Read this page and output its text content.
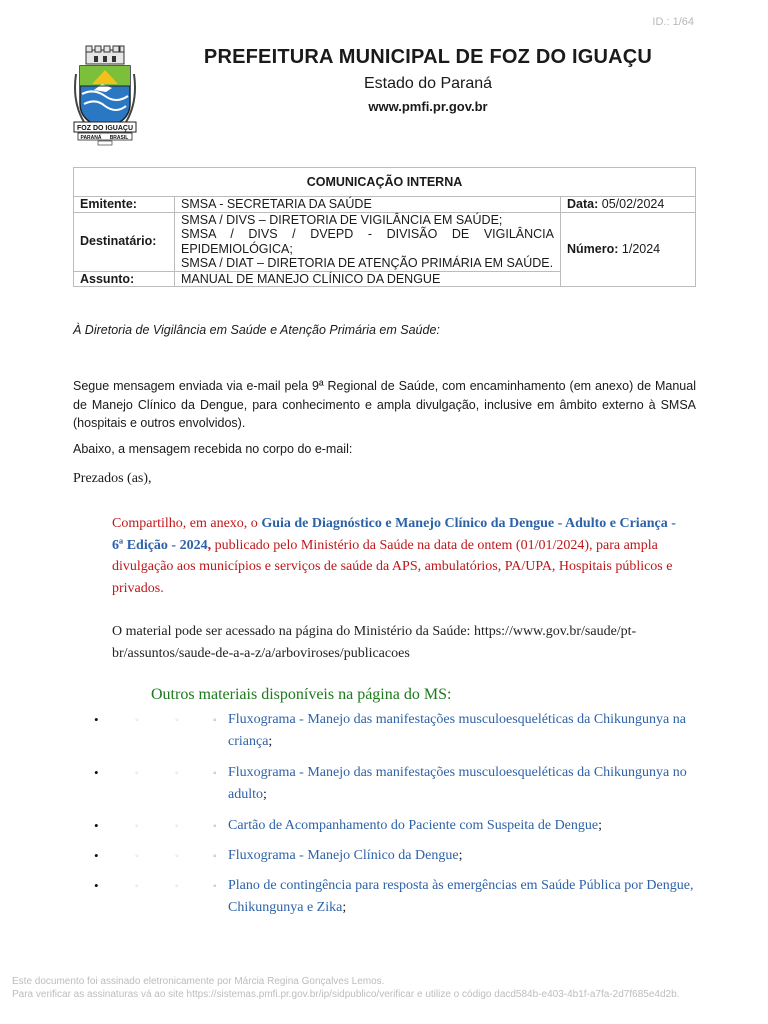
ID.: 1/64
FOZ DO IGUAÇU
PARANÁ BRASIL
PREFEITURA MUNICIPAL DE FOZ DO IGUAÇU
Estado do Paraná
www.pmfi.pr.gov.br
COMUNICAÇÃO INTERNA		
Emitente:	SMSA - SECRETARIA DA SAÚDE	Data: 05/02/2024
Destinatário:	SMSA / DIVS – DIRETORIA DE VIGILÂNCIA EM SAÚDE;
SMSA / DIVS / DVEPD - DIVISÃO DE VIGILÂNCIA EPIDEMIOLÓGICA;
SMSA / DIAT – DIRETORIA DE ATENÇÃO PRIMÁRIA EM SAÚDE.	Número: 1/2024
Assunto:	MANUAL DE MANEJO CLÍNICO DA DENGUE	
À Diretoria de Vigilância em Saúde e Atenção Primária em Saúde:
Segue mensagem enviada via e-mail pela 9ª Regional de Saúde, com encaminhamento (em anexo) de Manual de Manejo Clínico da Dengue, para conhecimento e ampla divulgação, inclusive em âmbito externo à SMSA (hospitais e outros envolvidos).
Abaixo, a mensagem recebida no corpo do e-mail:
Prezados (as),
Compartilho, em anexo, o Guia de Diagnóstico e Manejo Clínico da Dengue - Adulto e Criança - 6ª Edição - 2024, publicado pelo Ministério da Saúde na data de ontem (01/01/2024), para ampla divulgação aos municípios e serviços de saúde da APS, ambulatórios, PA/UPA, Hospitais públicos e privados.
O material pode ser acessado na página do Ministério da Saúde: https://www.gov.br/saude/pt-br/assuntos/saude-de-a-a-z/a/arboviroses/publicacoes
Outros materiais disponíveis na página do MS:
•	◦	◦	◦ Fluxograma - Manejo das manifestações musculoesqueléticas da Chikungunya na criança;
•	◦	◦	◦ Fluxograma - Manejo das manifestações musculoesqueléticas da Chikungunya no adulto;
•	◦	◦	◦ Cartão de Acompanhamento do Paciente com Suspeita de Dengue;
•	◦	◦	◦ Fluxograma - Manejo Clínico da Dengue;
•	◦	◦	◦ Plano de contingência para resposta às emergências em Saúde Pública por Dengue, Chikungunya e Zika;
Este documento foi assinado eletronicamente por Márcia Regina Gonçalves Lemos.
Para verificar as assinaturas vá ao site https://sistemas.pmfi.pr.gov.br/ip/sidpublico/verificar e utilize o código dacd584b-e403-4b1f-a7fa-2d7f685e4d2b.
